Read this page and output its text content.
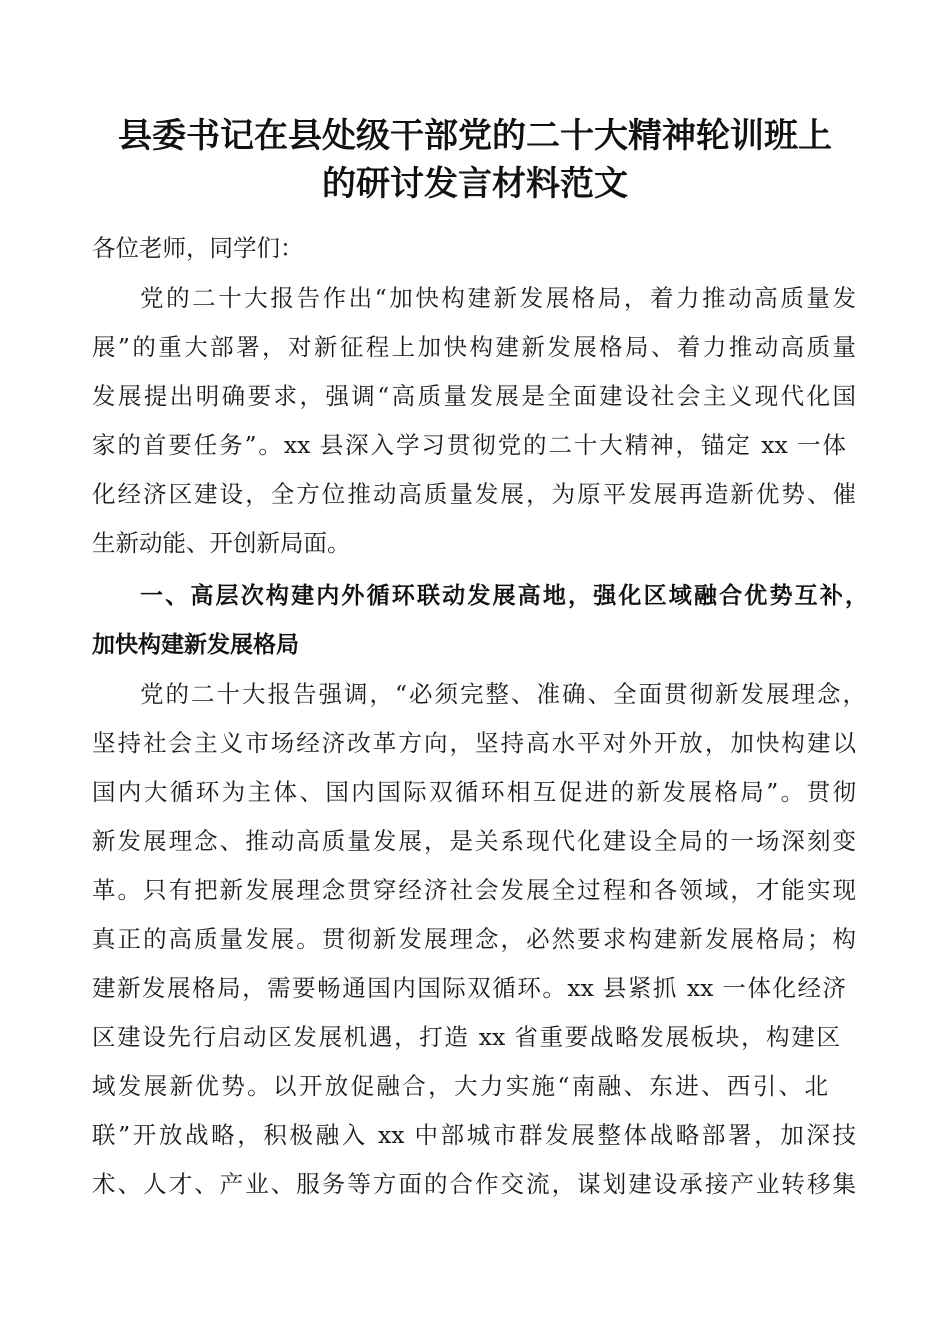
县委书记在县处级干部党的二十大精神轮训班上
的研讨发言材料范文
各位老师，同学们：
党的二十大报告作出“加快构建新发展格局，着力推动高质量发
展”的重大部署，对新征程上加快构建新发展格局、着力推动高质量
发展提出明确要求，强调“高质量发展是全面建设社会主义现代化国
家的首要任务”。xx 县深入学习贯彻党的二十大精神，锚定 xx 一体
化经济区建设，全方位推动高质量发展，为原平发展再造新优势、催
生新动能、开创新局面。
一、高层次构建内外循环联动发展高地，强化区域融合优势互补，
加快构建新发展格局
党的二十大报告强调，“必须完整、准确、全面贯彻新发展理念，
坚持社会主义市场经济改革方向，坚持高水平对外开放，加快构建以
国内大循环为主体、国内国际双循环相互促进的新发展格局”。贯彻
新发展理念、推动高质量发展，是关系现代化建设全局的一场深刻变
革。只有把新发展理念贯穿经济社会发展全过程和各领域，才能实现
真正的高质量发展。贯彻新发展理念，必然要求构建新发展格局；构
建新发展格局，需要畅通国内国际双循环。xx 县紧抓 xx 一体化经济
区建设先行启动区发展机遇，打造 xx 省重要战略发展板块，构建区
域发展新优势。以开放促融合，大力实施“南融、东进、西引、北
联”开放战略，积极融入 xx 中部城市群发展整体战略部署，加深技
术、人才、产业、服务等方面的合作交流，谋划建设承接产业转移集
